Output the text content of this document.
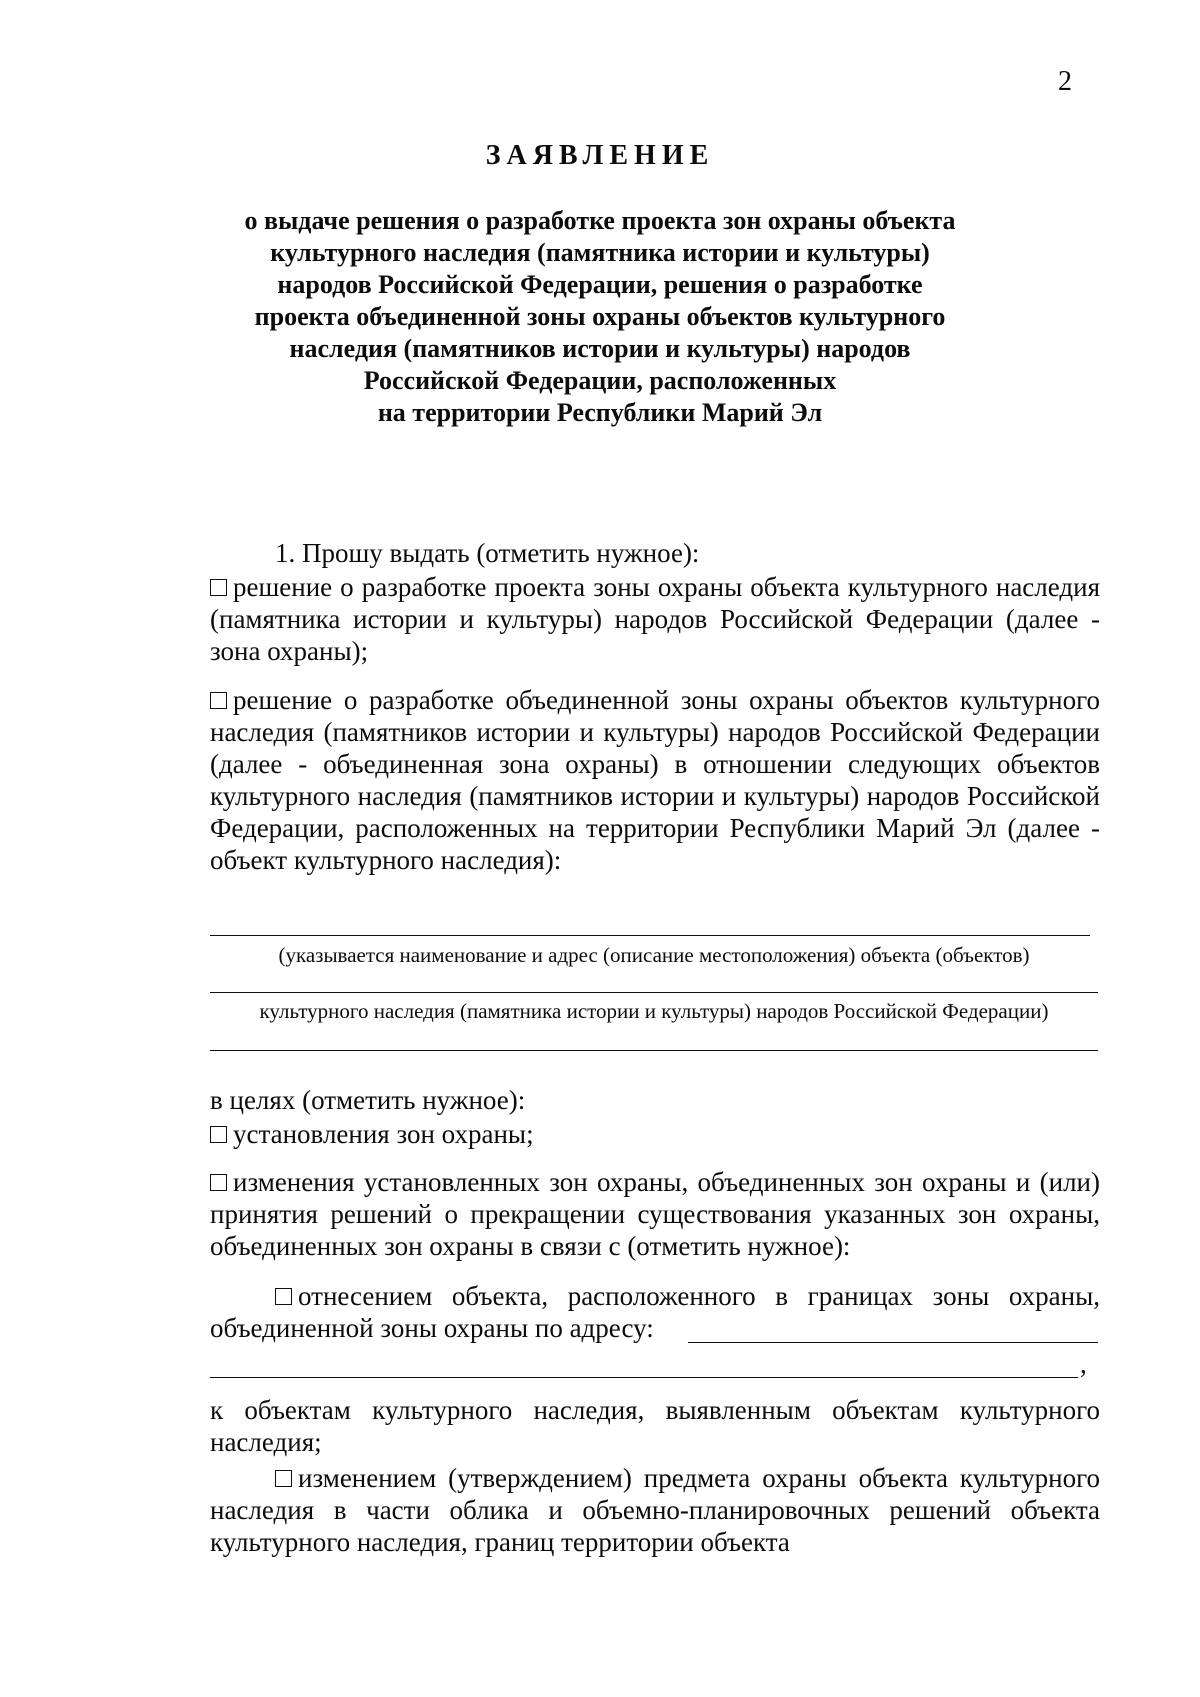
2
ЗАЯВЛЕНИЕ
о выдаче решения о разработке проекта зон охраны объекта
культурного наследия (памятника истории и культуры)
народов Российской Федерации, решения о разработке
проекта объединенной зоны охраны объектов культурного
наследия (памятников истории и культуры) народов
Российской Федерации, расположенных
на территории Республики Марий Эл
1. Прошу выдать (отметить нужное):
решение о разработке проекта зоны охраны объекта культурного наследия (памятника истории и культуры) народов Российской Федерации (далее - зона охраны);
решение о разработке объединенной зоны охраны объектов культурного наследия (памятников истории и культуры) народов Российской Федерации (далее - объединенная зона охраны) в отношении следующих объектов культурного наследия (памятников истории и культуры) народов Российской Федерации, расположенных на территории Республики Марий Эл (далее - объект культурного наследия):
(указывается наименование и адрес (описание местоположения) объекта (объектов)
культурного наследия (памятника истории и культуры) народов Российской Федерации)
в целях (отметить нужное):
установления зон охраны;
изменения установленных зон охраны, объединенных зон охраны и (или) принятия решений о прекращении существования указанных зон охраны, объединенных зон охраны в связи с (отметить нужное):
отнесением объекта, расположенного в границах зоны охраны, объединенной зоны охраны по адресу:
,
к объектам культурного наследия, выявленным объектам культурного наследия;
изменением (утверждением) предмета охраны объекта культурного наследия в части облика и объемно-планировочных решений объекта культурного наследия, границ территории объекта
